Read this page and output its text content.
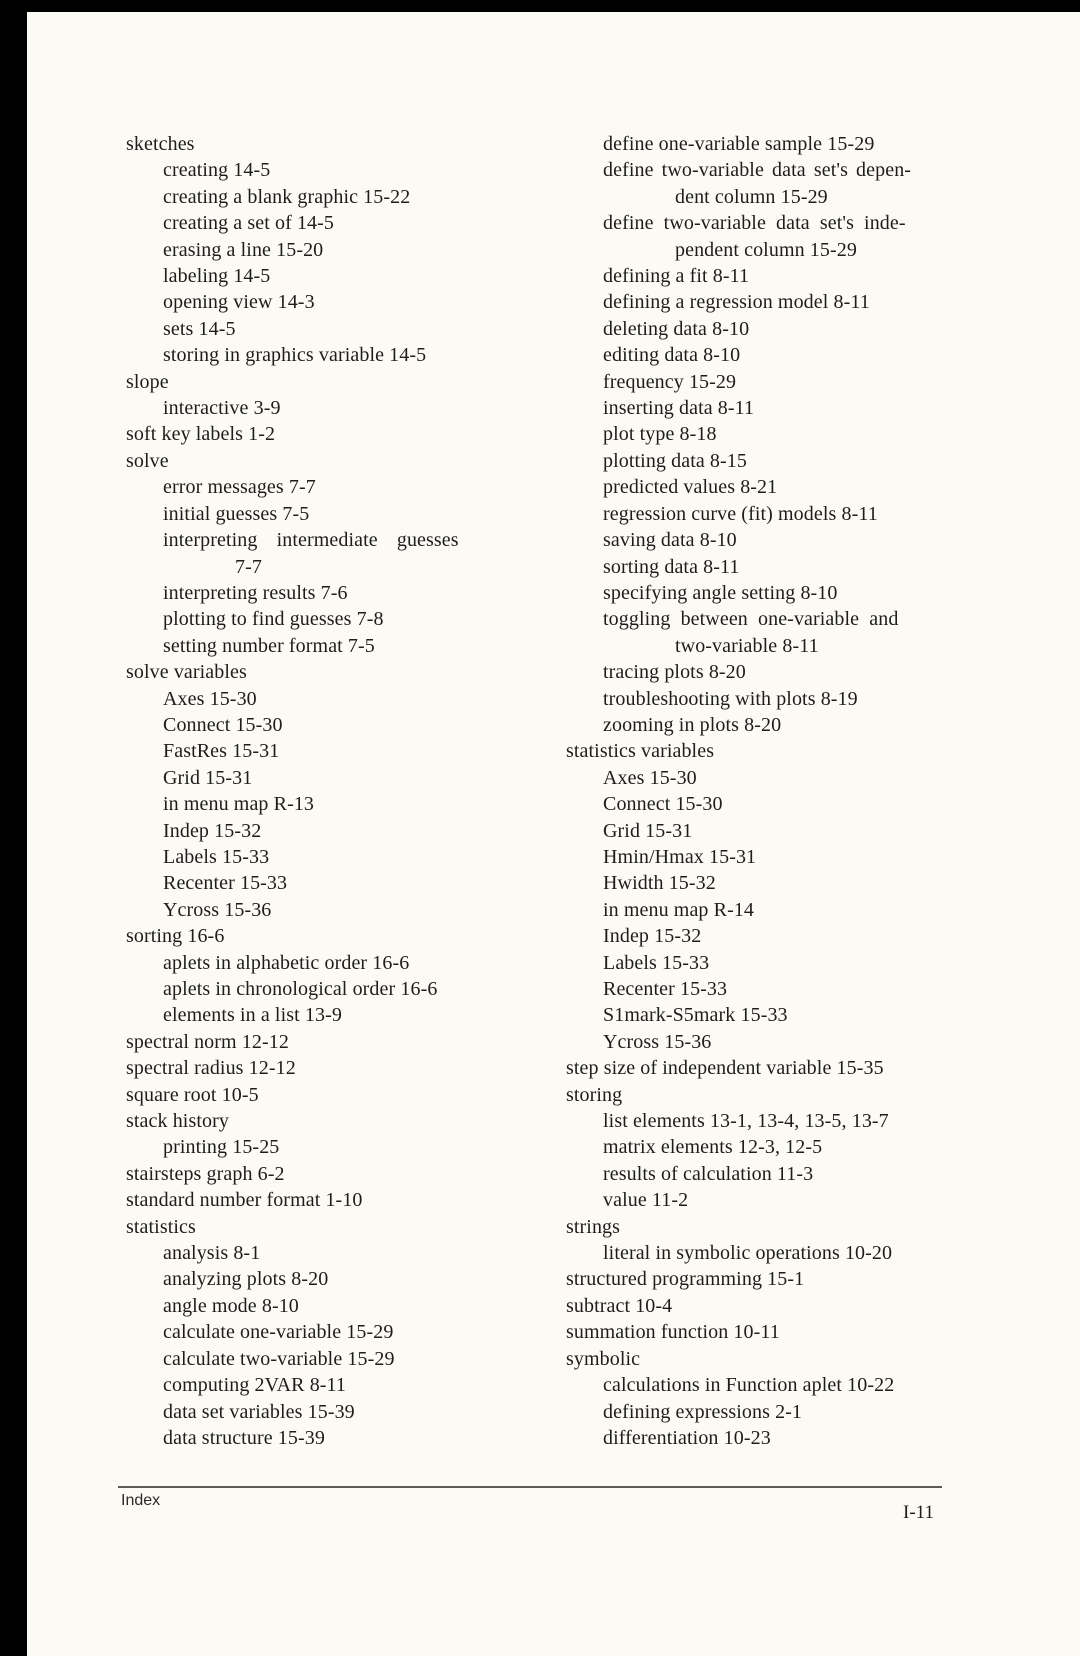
sketches
creating 14-5
creating a blank graphic 15-22
creating a set of 14-5
erasing a line 15-20
labeling 14-5
opening view 14-3
sets 14-5
storing in graphics variable 14-5
slope
interactive 3-9
soft key labels 1-2
solve
error messages 7-7
initial guesses 7-5
interpreting intermediate guesses
7-7
interpreting results 7-6
plotting to find guesses 7-8
setting number format 7-5
solve variables
Axes 15-30
Connect 15-30
FastRes 15-31
Grid 15-31
in menu map R-13
Indep 15-32
Labels 15-33
Recenter 15-33
Ycross 15-36
sorting 16-6
aplets in alphabetic order 16-6
aplets in chronological order 16-6
elements in a list 13-9
spectral norm 12-12
spectral radius 12-12
square root 10-5
stack history
printing 15-25
stairsteps graph 6-2
standard number format 1-10
statistics
analysis 8-1
analyzing plots 8-20
angle mode 8-10
calculate one-variable 15-29
calculate two-variable 15-29
computing 2VAR 8-11
data set variables 15-39
data structure 15-39
define one-variable sample 15-29
define two-variable data set's depen-
dent column 15-29
define two-variable data set's inde-
pendent column 15-29
defining a fit 8-11
defining a regression model 8-11
deleting data 8-10
editing data 8-10
frequency 15-29
inserting data 8-11
plot type 8-18
plotting data 8-15
predicted values 8-21
regression curve (fit) models 8-11
saving data 8-10
sorting data 8-11
specifying angle setting 8-10
toggling between one-variable and
two-variable 8-11
tracing plots 8-20
troubleshooting with plots 8-19
zooming in plots 8-20
statistics variables
Axes 15-30
Connect 15-30
Grid 15-31
Hmin/Hmax 15-31
Hwidth 15-32
in menu map R-14
Indep 15-32
Labels 15-33
Recenter 15-33
S1mark-S5mark 15-33
Ycross 15-36
step size of independent variable 15-35
storing
list elements 13-1, 13-4, 13-5, 13-7
matrix elements 12-3, 12-5
results of calculation 11-3
value 11-2
strings
literal in symbolic operations 10-20
structured programming 15-1
subtract 10-4
summation function 10-11
symbolic
calculations in Function aplet 10-22
defining expressions 2-1
differentiation 10-23
Index
I-11
